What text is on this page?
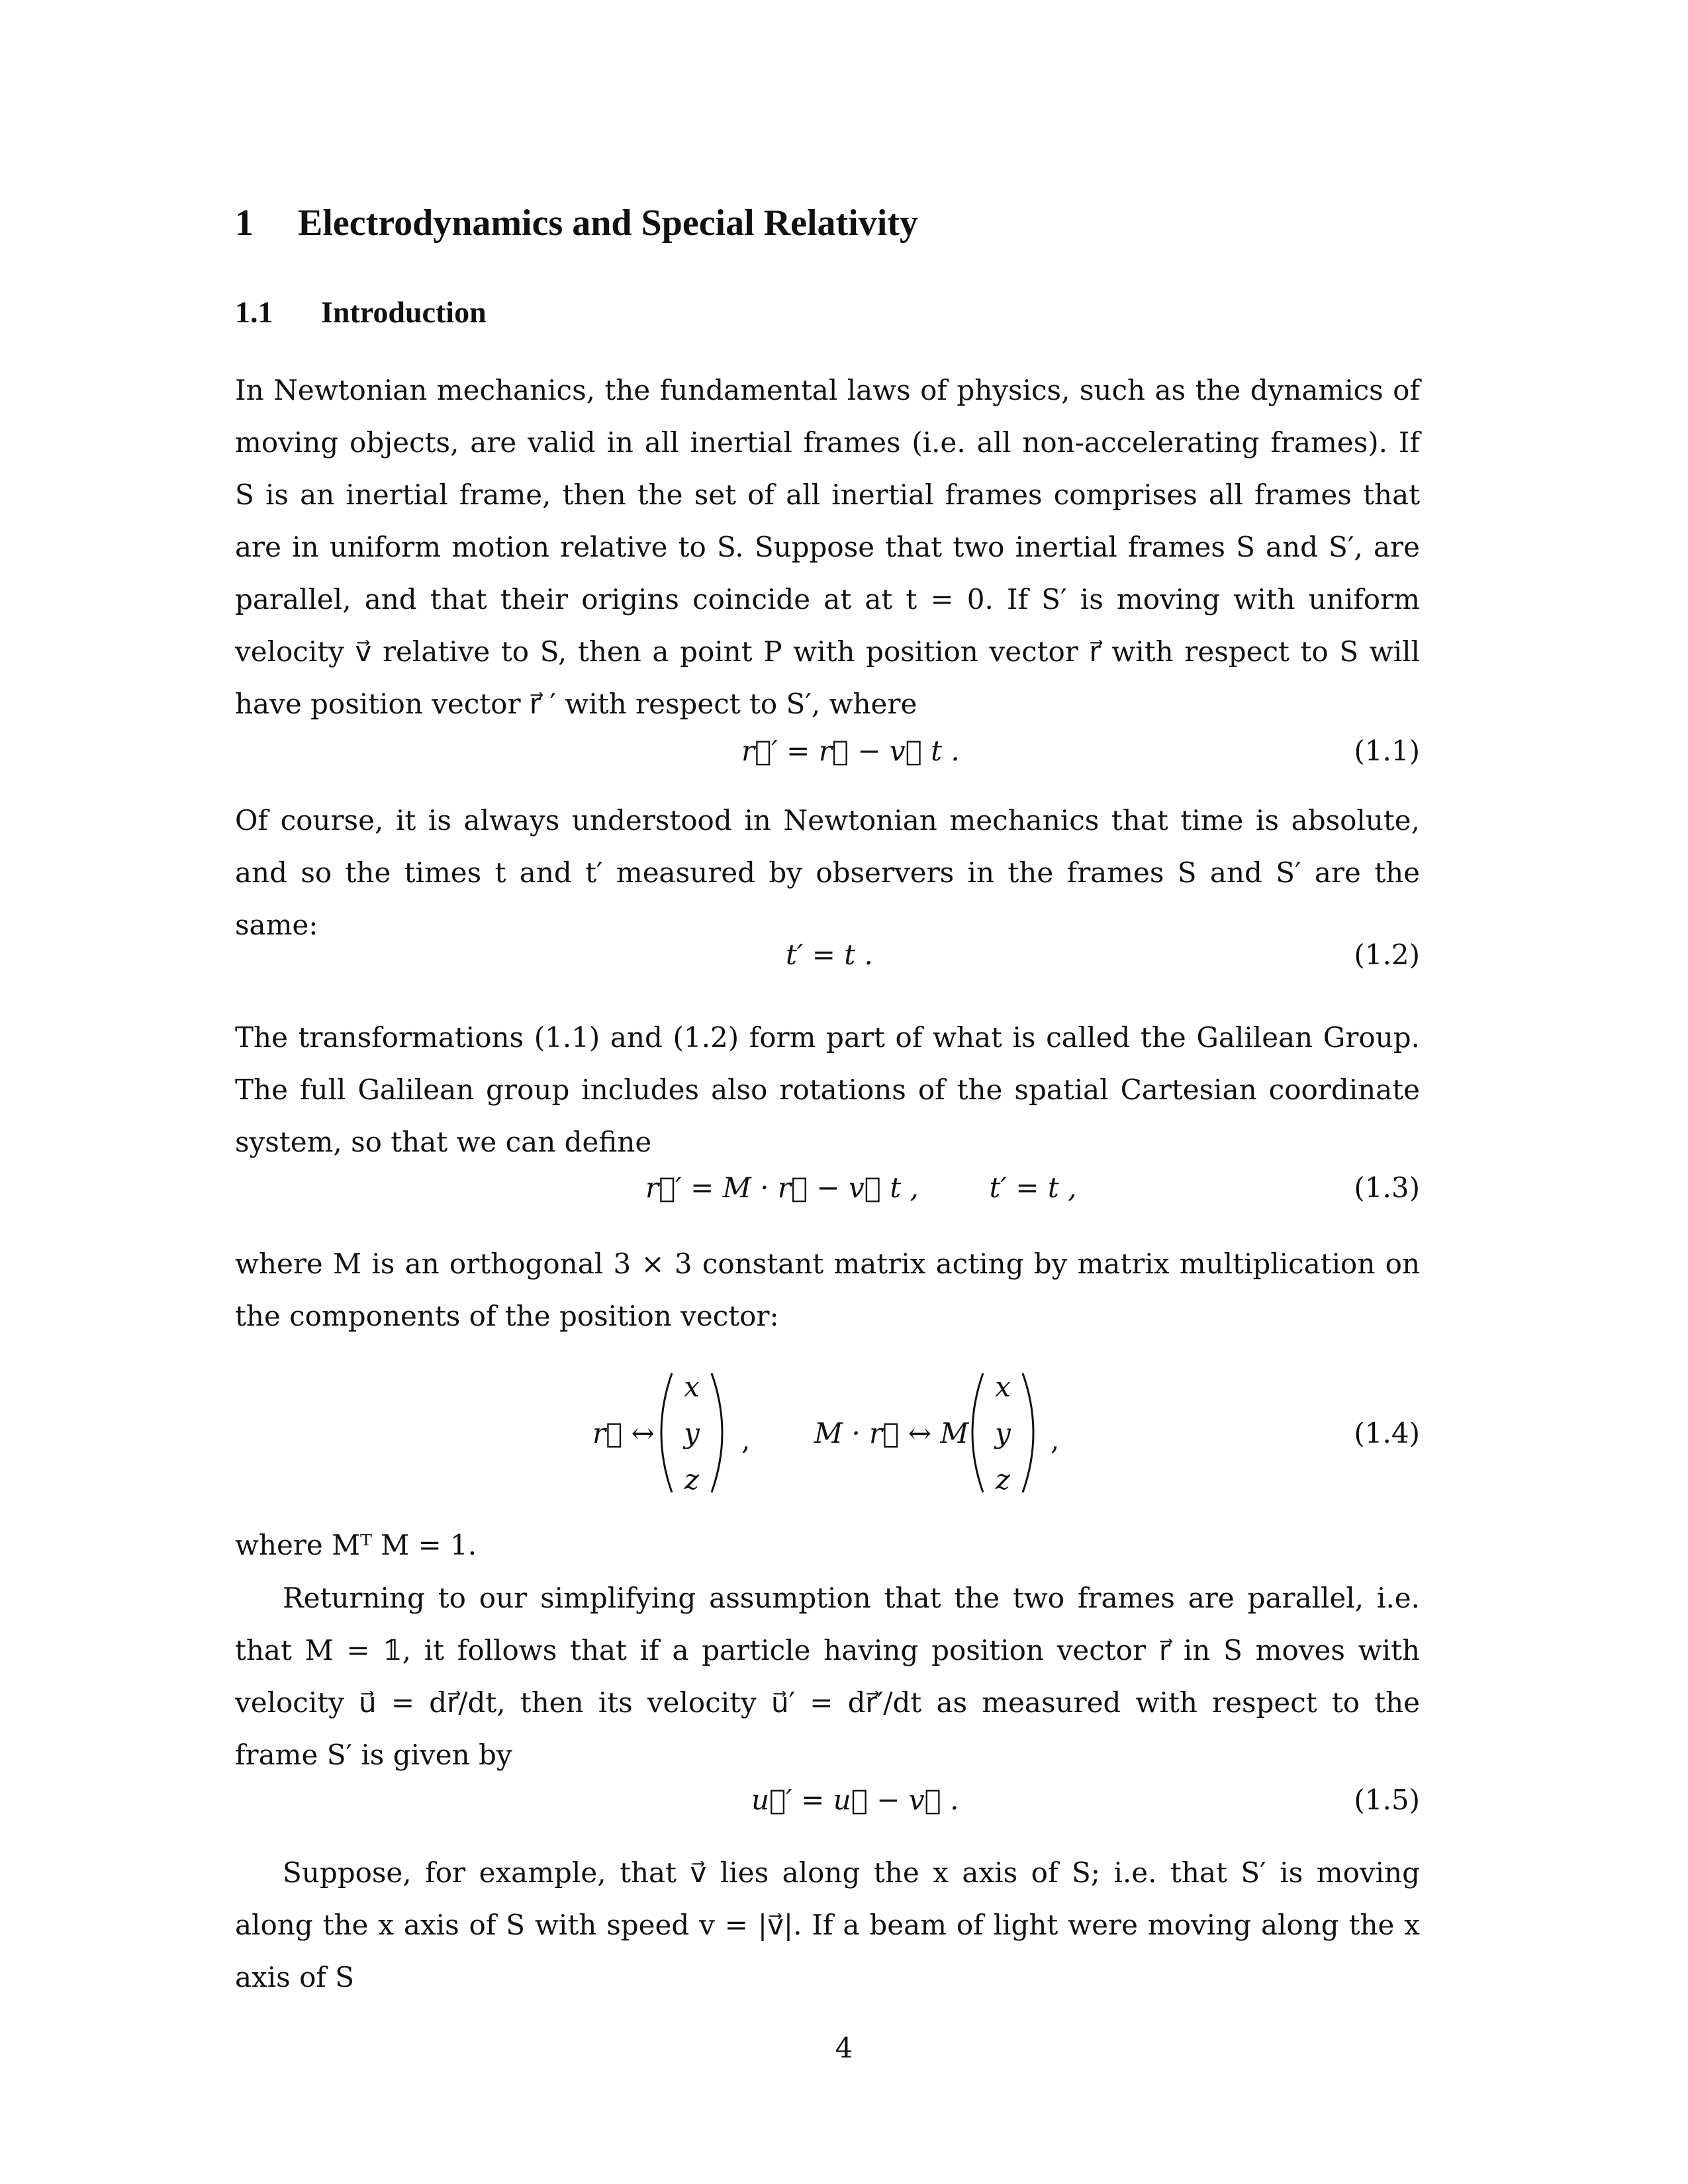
1 Electrodynamics and Special Relativity
1.1 Introduction

In Newtonian mechanics, the fundamental laws of physics, such as the dynamics of moving objects, are valid in all inertial frames (i.e. all non-accelerating frames). If S is an inertial frame, then the set of all inertial frames comprises all frames that are in uniform motion relative to S. Suppose that two inertial frames S and S′, are parallel, and that their origins coincide at at t = 0. If S′ is moving with uniform velocity v⃗ relative to S, then a point P with position vector r⃗ with respect to S will have position vector r⃗ ′ with respect to S′, where

r⃗′ = r⃗ − v⃗ t .	(1.1)

Of course, it is always understood in Newtonian mechanics that time is absolute, and so the times t and t′ measured by observers in the frames S and S′ are the same:

t′ = t .	(1.2)

The transformations (1.1) and (1.2) form part of what is called the Galilean Group. The full Galilean group includes also rotations of the spatial Cartesian coordinate system, so that we can define

r⃗′ = M · r⃗ − v⃗ t ,        t′ = t ,	(1.3)

where M is an orthogonal 3 × 3 constant matrix acting by matrix multiplication on the components of the position vector:

r⃗ ↔
x
y
z
, M · r⃗ ↔ M
x
y
z
,	(1.4)

where Mᵀ M = 1.

Returning to our simplifying assumption that the two frames are parallel, i.e. that M = 𝟙, it follows that if a particle having position vector r⃗ in S moves with velocity u⃗ = dr⃗/dt, then its velocity u⃗′ = dr⃗′/dt as measured with respect to the frame S′ is given by

u⃗′ = u⃗ − v⃗ .	(1.5)

Suppose, for example, that v⃗ lies along the x axis of S; i.e. that S′ is moving along the x axis of S with speed v = |v⃗|. If a beam of light were moving along the x axis of S

4
